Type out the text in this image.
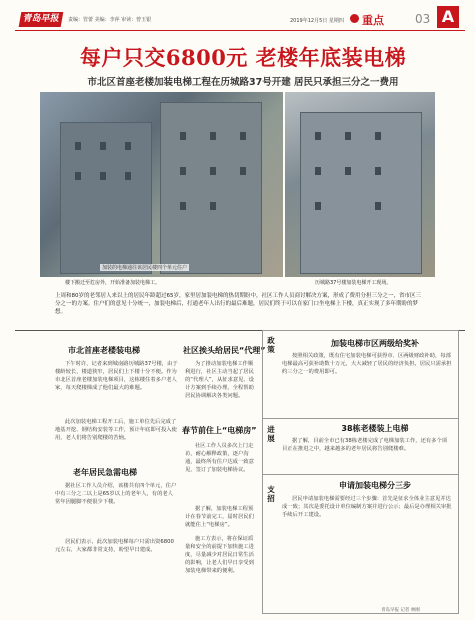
青岛早报	责编：管蕾 美编：李萍 审读：曾玉银	2019年12月5日 星期四 重点	03 A
每户只交6800元 老楼年底装电梯
市北区首座老楼加装电梯工程在历城路37号开建 居民只承担三分之一费用
加装的电梯通往该居民楼四个单元住户
楼下搬迁至危房外，开始准备加装电梯工。	历城路37号楼加装电梯开工现场。
上周和80岁的老邻居人来以上的居民年龄超过65岁，家里居加装电梯的热切期盼中，社区工作人员商讨解决方案，形成了费用分担三分之一，省市区三分之一的方案。住户们的意见十分统一，加装电梯后，打通老年人出行的最后难题，居民们终于可以在家门口坐电梯上下楼，真正实现了多年期盼的梦想。
市北首座老楼装电梯
下午时许，记者来到城南路历城路37号楼，由于楼龄较长，楼道狭窄，居民们上下楼十分不便。作为市北区首座老楼加装电梯项目，这栋楼住着多户老人家，每天爬楼梯成了他们最大的难题。
此次加装电梯工程开工后，施工单位先后完成了地基开挖、钢结构安装等工作，预计年底即可投入使用，老人们将告别爬楼的苦恼。
老年居民急需电梯
据社区工作人员介绍，该楼共有四个单元，住户中有三分之二以上是65岁以上的老年人，有的老人常年因腿脚不便很少下楼。
居民们表示，此次加装电梯每户只需出资6800元左右，大家都非常支持，盼望早日建成。
社区挨头给居民“代理”
为了推动加装电梯工作顺利进行，社区主动当起了居民的“代理人”，从征求意见、设计方案到手续办理，全程帮助居民协调解决各类问题。
社区工作人员多次上门走访，耐心解释政策，逐户沟通，最终所有住户达成一致意见，签订了加装电梯协议。
春节前住上“电梯房”
据了解，加装电梯工程预计在春节前完工，届时居民们就能住上“电梯房”。
施工方表示，将在保证质量和安全的前提下加快施工进度，尽量减少对居民日常生活的影响，让老人们早日享受到加装电梯带来的便利。
政策
加装电梯市区两级给奖补
按照相关政策，既有住宅加装电梯可获得市、区两级财政补助，每部电梯最高可获补助数十万元，大大减轻了居民的经济负担。居民只需承担约三分之一的费用即可。
进展
38栋老楼装上电梯
据了解，目前全市已有38栋老楼完成了电梯加装工作，还有多个项目正在推进之中，越来越多的老年居民将告别爬楼难。
支招
申请加装电梯分三步
居民申请加装电梯需要经过三个步骤：首先是征求全体业主意见并达成一致；其次是委托设计单位编制方案并进行公示；最后是办理相关审批手续后开工建设。
青岛早报 记者 林刚
